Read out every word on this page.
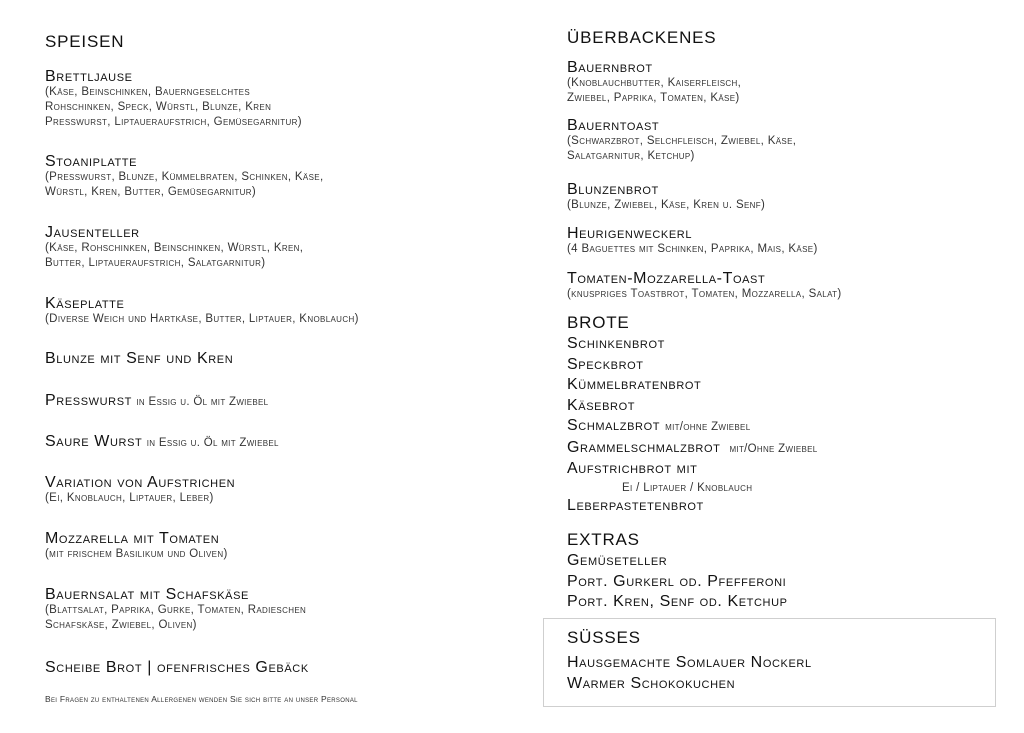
SPEISEN
Brettljause
(Käse, Beinschinken, Bauerngeselchtes
Rohschinken, Speck, Würstl, Blunze, Kren
Presswurst, Liptaueraufstrich, Gemüsegarnitur)
Stoaniplatte
(Presswurst, Blunze, Kümmelbraten, Schinken, Käse,
Würstl, Kren, Butter, Gemüsegarnitur)
Jausenteller
(Käse, Rohschinken, Beinschinken, Würstl, Kren,
Butter, Liptaueraufstrich, Salatgarnitur)
Käseplatte
(Diverse Weich und Hartkäse, Butter, Liptauer, Knoblauch)
Blunze mit Senf und Kren
Presswurst in Essig u. Öl mit Zwiebel
Saure Wurst in Essig u. Öl mit Zwiebel
Variation von Aufstrichen
(Ei, Knoblauch, Liptauer, Leber)
Mozzarella mit Tomaten
(mit frischem Basilikum und Oliven)
Bauernsalat mit Schafskäse
(Blattsalat, Paprika, Gurke, Tomaten, Radieschen
Schafskäse, Zwiebel, Oliven)
Scheibe Brot | ofenfrisches Gebäck
Bei Fragen zu enthaltenen Allergenen wenden Sie sich bitte an unser Personal
ÜBERBACKENES
Bauernbrot
(Knoblauchbutter, Kaiserfleisch,
Zwiebel, Paprika, Tomaten, Käse)
Bauerntoast
(Schwarzbrot, Selchfleisch, Zwiebel, Käse,
Salatgarnitur, Ketchup)
Blunzenbrot
(Blunze, Zwiebel, Käse, Kren u. Senf)
Heurigenweckerl
(4 Baguettes mit Schinken, Paprika, Mais, Käse)
Tomaten-Mozzarella-Toast
(knuspriges Toastbrot, Tomaten, Mozzarella, Salat)
BROTE
Schinkenbrot
Speckbrot
Kümmelbratenbrot
Käsebrot
Schmalzbrot mit/ohne Zwiebel
Grammelschmalzbrot mit/Ohne Zwiebel
Aufstrichbrot mit
Ei / Liptauer / Knoblauch
Leberpastetenbrot
EXTRAS
Gemüseteller
Port. Gurkerl od. Pfefferoni
Port. Kren, Senf od. Ketchup
SÜSSES
Hausgemachte Somlauer Nockerl
Warmer Schokokuchen
